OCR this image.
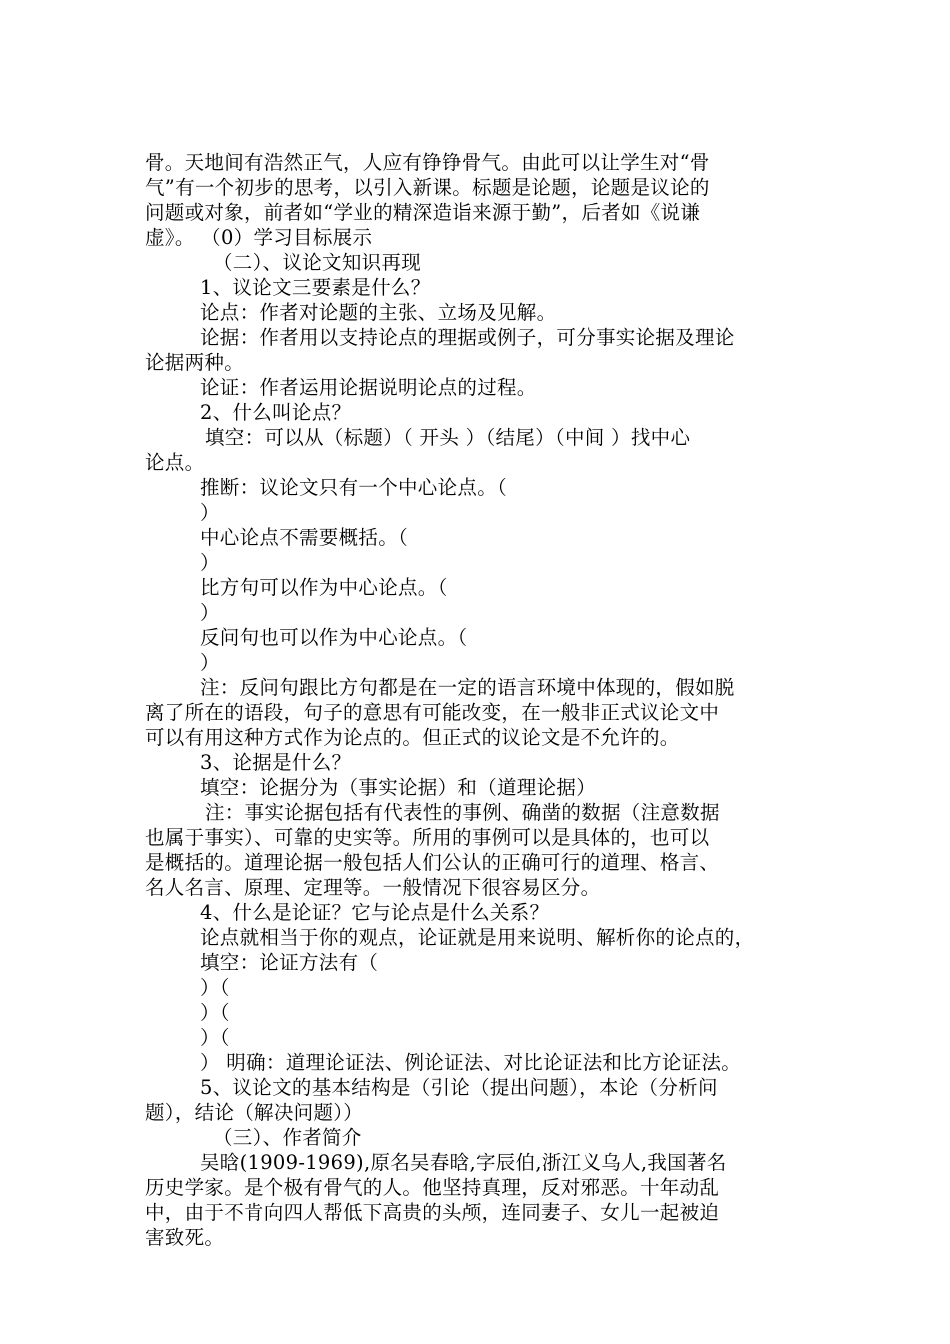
骨。天地间有浩然正气，人应有铮铮骨气。由此可以让学生对“骨
气”有一个初步的思考，以引入新课。标题是论题，论题是议论的
问题或对象，前者如“学业的精深造诣来源于勤”，后者如《说谦
虚》。 （0）学习目标展示
（二）、议论文知识再现
1、议论文三要素是什么？
论点：作者对论题的主张、立场及见解。
论据：作者用以支持论点的理据或例子，可分事实论据及理论
论据两种。
论证：作者运用论据说明论点的过程。
2、什么叫论点？
填空：可以从（标题）（ 开头 ）（结尾）（中间 ）找中心
论点。
推断：议论文只有一个中心论点。（
）
中心论点不需要概括。（
）
比方句可以作为中心论点。（
）
反问句也可以作为中心论点。（
）
注：反问句跟比方句都是在一定的语言环境中体现的，假如脱
离了所在的语段，句子的意思有可能改变，在一般非正式议论文中
可以有用这种方式作为论点的。但正式的议论文是不允许的。
3、论据是什么？
填空：论据分为（事实论据）和（道理论据）
注：事实论据包括有代表性的事例、确凿的数据（注意数据
也属于事实）、可靠的史实等。所用的事例可以是具体的，也可以
是概括的。道理论据一般包括人们公认的正确可行的道理、格言、
名人名言、原理、定理等。一般情况下很容易区分。
4、什么是论证？它与论点是什么关系？
论点就相当于你的观点，论证就是用来说明、解析你的论点的，
填空：论证方法有（
）（
）（
）（
） 明确：道理论证法、例论证法、对比论证法和比方论证法。
5、议论文的基本结构是（引论（提出问题），本论（分析问
题），结论（解决问题））
（三）、作者简介
吴晗(1909-1969),原名吴春晗,字辰伯,浙江义乌人,我国著名
历史学家。是个极有骨气的人。他坚持真理，反对邪恶。十年动乱
中，由于不肯向四人帮低下高贵的头颅，连同妻子、女儿一起被迫
害致死。
